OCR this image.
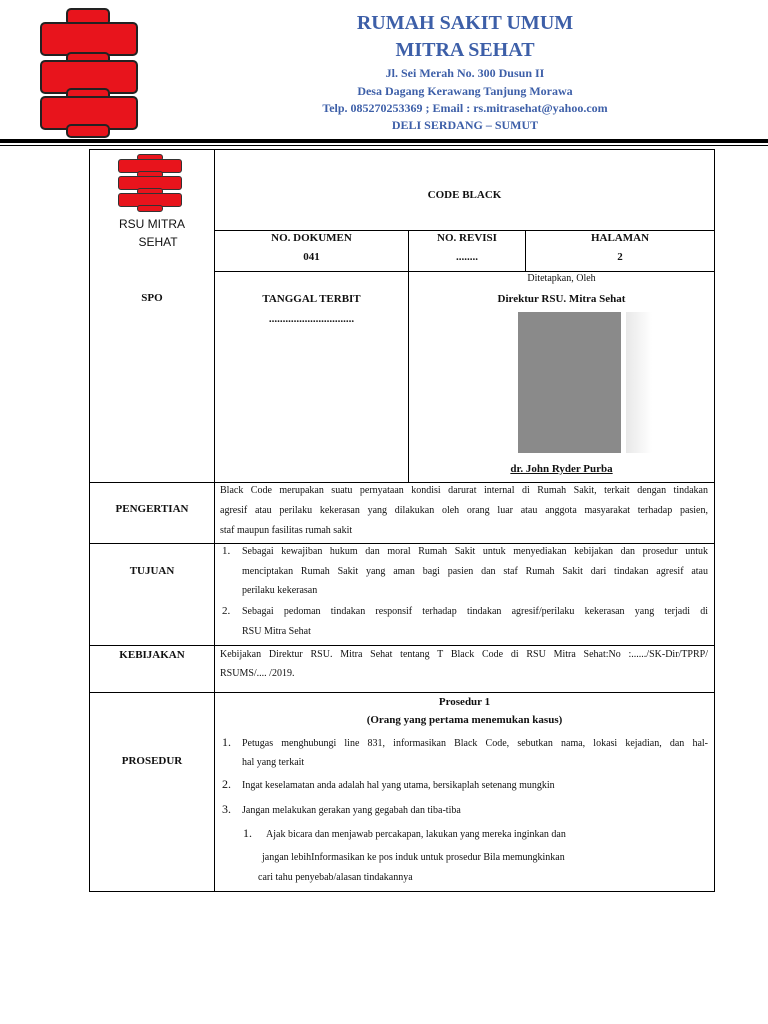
RUMAH SAKIT UMUM
MITRA SEHAT
Jl. Sei Merah No. 300 Dusun II
Desa Dagang Kerawang Tanjung Morawa
Telp. 085270253369 ; Email : rs.mitrasehat@yahoo.com
DELI SERDANG – SUMUT
RSU MITRA
SEHAT
CODE BLACK
NO. DOKUMEN
041
NO. REVISI
........
HALAMAN
2
SPO	TANGGAL TERBIT
...............................
Ditetapkan, Oleh
Direktur RSU. Mitra Sehat
dr. John Ryder Purba
PENGERTIAN
Black Code merupakan suatu pernyataan kondisi darurat internal di Rumah Sakit, terkait dengan tindakan
agresif atau perilaku kekerasan yang dilakukan oleh orang luar atau anggota masyarakat terhadap pasien,
staf maupun fasilitas rumah sakit
TUJUAN
1. Sebagai kewajiban hukum dan moral Rumah Sakit untuk menyediakan kebijakan dan prosedur untuk
menciptakan Rumah Sakit yang aman bagi pasien dan staf Rumah Sakit dari tindakan agresif atau
perilaku kekerasan
2. Sebagai pedoman tindakan responsif terhadap tindakan agresif/perilaku kekerasan yang terjadi di
RSU Mitra Sehat
KEBIJAKAN	Kebijakan Direktur RSU. Mitra Sehat tentang T Black Code di RSU Mitra Sehat:No :....../SK-Dir/TPRP/
RSUMS/.... /2019.
PROSEDUR
Prosedur 1
(Orang yang pertama menemukan kasus)
1. Petugas menghubungi line 831, informasikan Black Code, sebutkan nama, lokasi kejadian, dan hal-
hal yang terkait
2. Ingat keselamatan anda adalah hal yang utama, bersikaplah setenang mungkin
3. Jangan melakukan gerakan yang gegabah dan tiba-tiba
1. Ajak bicara dan menjawab percakapan, lakukan yang mereka inginkan dan
jangan lebihInformasikan ke pos induk untuk prosedur Bila memungkinkan
cari tahu penyebab/alasan tindakannya
